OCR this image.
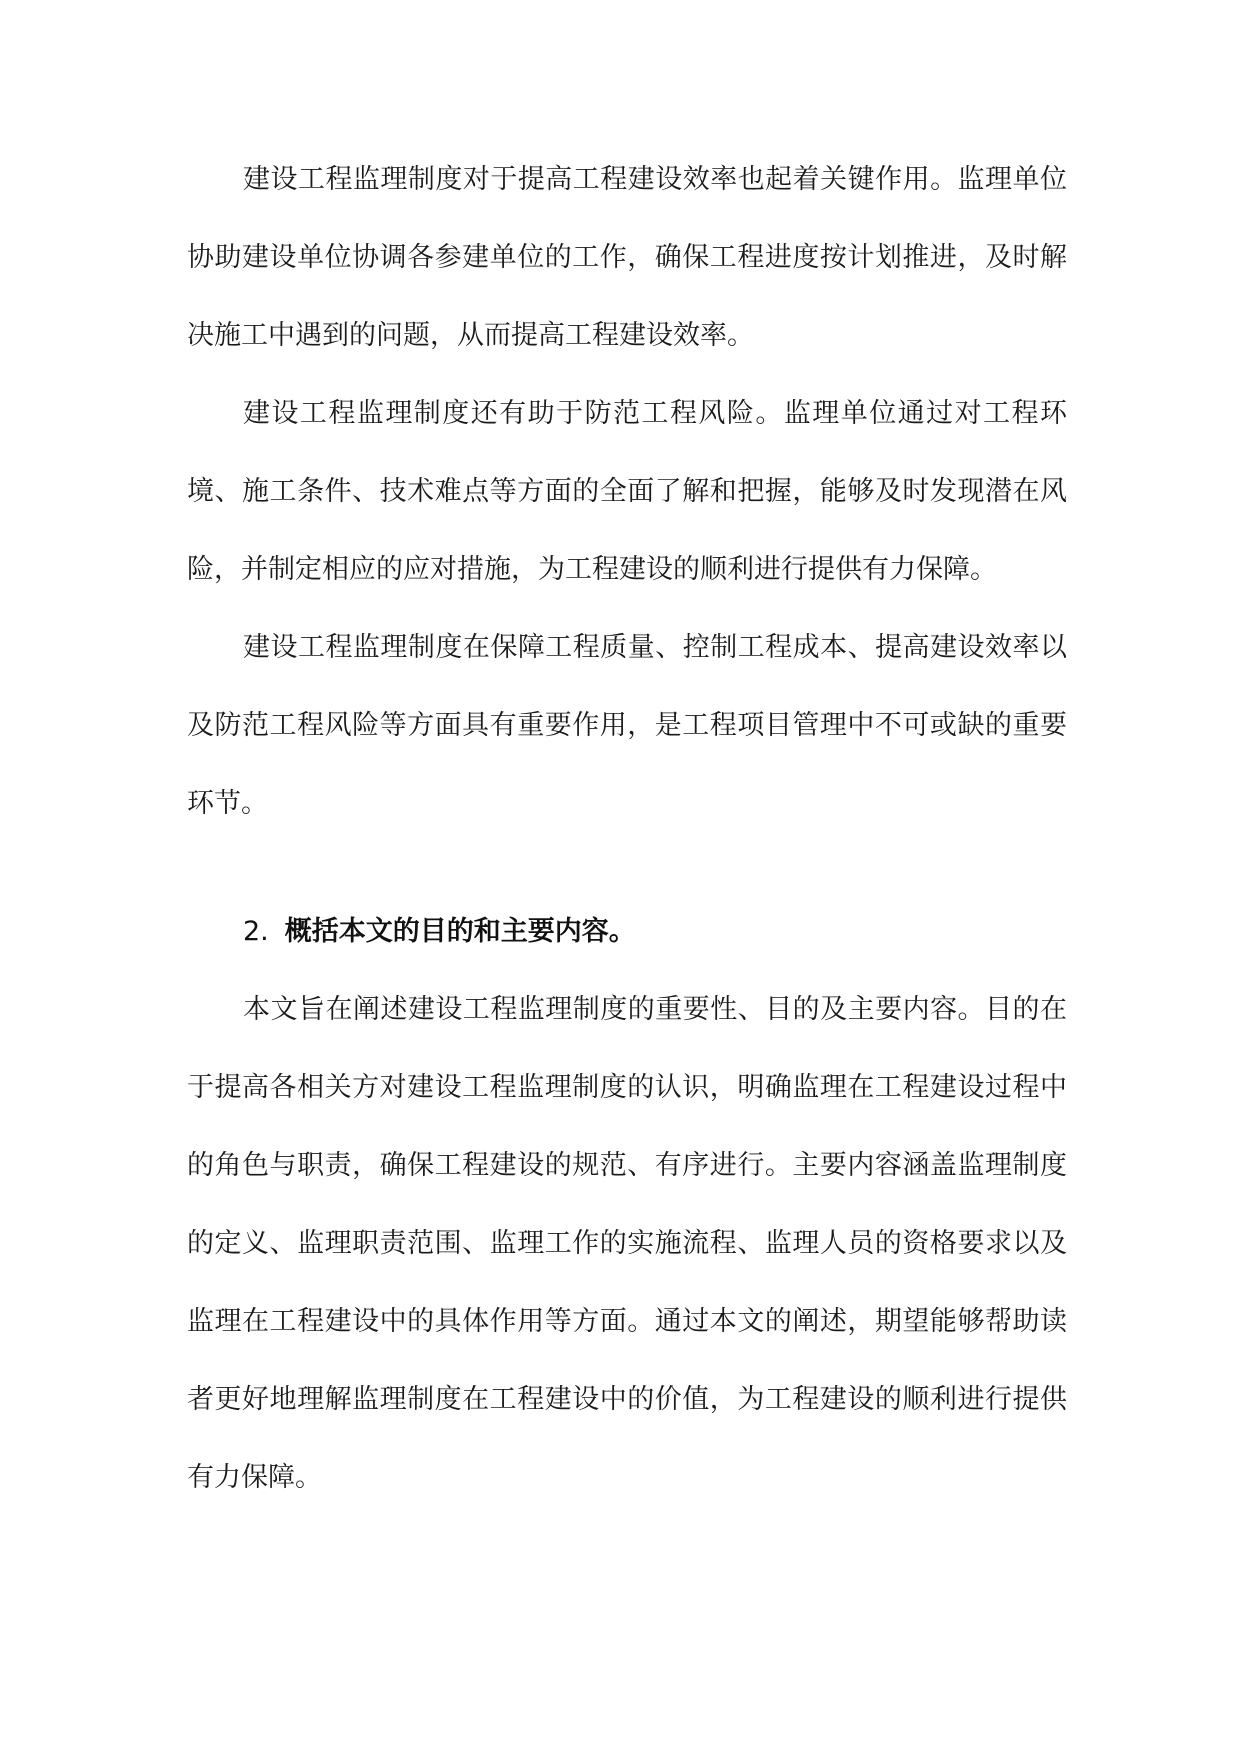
建设工程监理制度对于提高工程建设效率也起着关键作用。监理单位协助建设单位协调各参建单位的工作，确保工程进度按计划推进，及时解决施工中遇到的问题，从而提高工程建设效率。

建设工程监理制度还有助于防范工程风险。监理单位通过对工程环境、施工条件、技术难点等方面的全面了解和把握，能够及时发现潜在风险，并制定相应的应对措施，为工程建设的顺利进行提供有力保障。

建设工程监理制度在保障工程质量、控制工程成本、提高建设效率以及防范工程风险等方面具有重要作用，是工程项目管理中不可或缺的重要环节。

2. 概括本文的目的和主要内容。

本文旨在阐述建设工程监理制度的重要性、目的及主要内容。目的在于提高各相关方对建设工程监理制度的认识，明确监理在工程建设过程中的角色与职责，确保工程建设的规范、有序进行。主要内容涵盖监理制度的定义、监理职责范围、监理工作的实施流程、监理人员的资格要求以及监理在工程建设中的具体作用等方面。通过本文的阐述，期望能够帮助读者更好地理解监理制度在工程建设中的价值，为工程建设的顺利进行提供有力保障。
